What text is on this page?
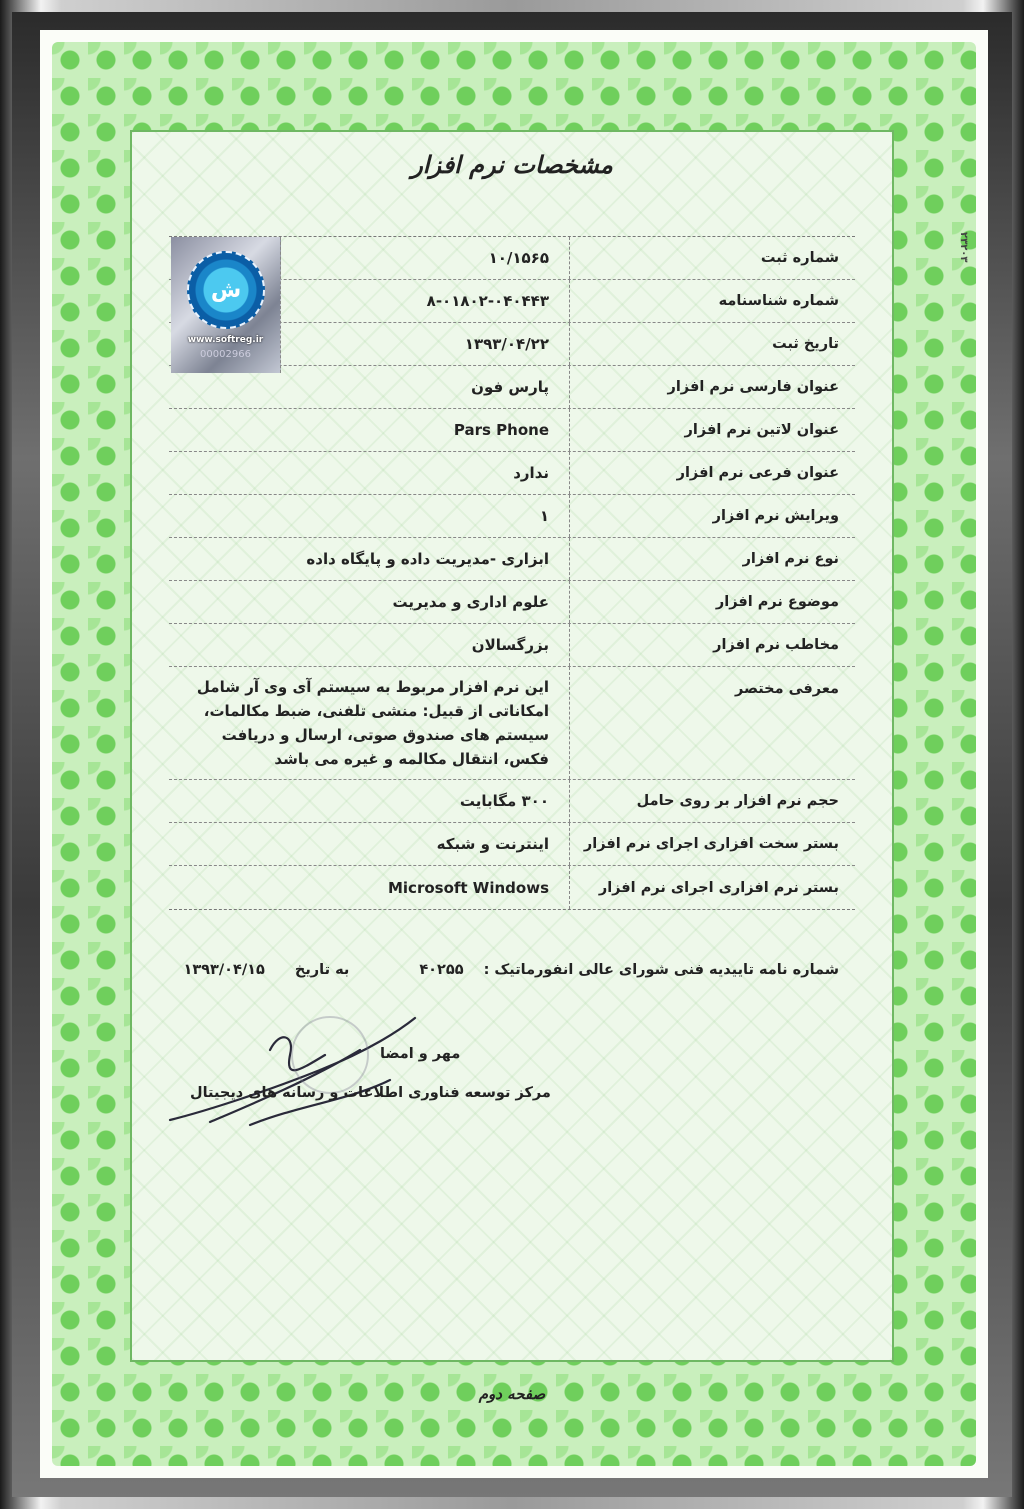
۲۳۲۰۳
مشخصات نرم افزار
شماره ثبت
۱۰/۱۵۶۵
شماره شناسنامه
۸-۰۱۸۰۲-۰۴۰۴۴۳
تاریخ ثبت
۱۳۹۳/۰۴/۲۲
عنوان فارسی نرم افزار
پارس فون
عنوان لاتین نرم افزار
Pars Phone
عنوان فرعی نرم افزار
ندارد
ویرایش نرم افزار
۱
نوع نرم افزار
ابزاری -مدیریت داده و پایگاه داده
موضوع نرم افزار
علوم اداری و مدیریت
مخاطب نرم افزار
بزرگسالان
معرفی مختصر
این نرم افزار مربوط به سیستم آی وی آر شامل امکاناتی از قبیل: منشی تلفنی، ضبط مکالمات، سیستم های صندوق صوتی، ارسال و دریافت فکس، انتقال مکالمه و غیره می باشد
حجم نرم افزار بر روی حامل
۳۰۰ مگابایت
بستر سخت افزاری اجرای نرم افزار
اینترنت و شبکه
بستر نرم افزاری اجرای نرم افزار
Microsoft Windows
ش
www.softreg.ir
00002966
شماره نامه تاییدیه فنی شورای عالی انفورماتیک :
۴۰۲۵۵
به تاریخ
۱۳۹۳/۰۴/۱۵
مهر و امضا
مرکز توسعه فناوری اطلاعات و رسانه های دیجیتال
صفحه دوم
